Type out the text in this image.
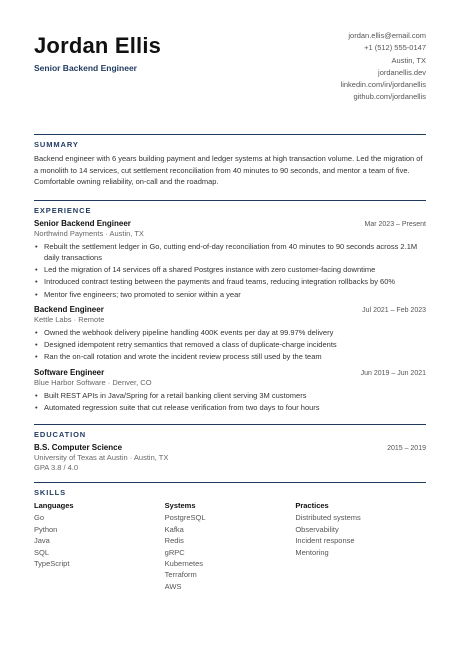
Jordan Ellis
Senior Backend Engineer
jordan.ellis@email.com
+1 (512) 555-0147
Austin, TX
jordanellis.dev
linkedin.com/in/jordanellis
github.com/jordanellis
SUMMARY
Backend engineer with 6 years building payment and ledger systems at high transaction volume. Led the migration of a monolith to 14 services, cut settlement reconciliation from 40 minutes to 90 seconds, and mentor a team of five. Comfortable owning reliability, on-call and the roadmap.
EXPERIENCE
Senior Backend Engineer	Mar 2023 – Present
Northwind Payments · Austin, TX
• Rebuilt the settlement ledger in Go, cutting end-of-day reconciliation from 40 minutes to 90 seconds across 2.1M daily transactions
• Led the migration of 14 services off a shared Postgres instance with zero customer-facing downtime
• Introduced contract testing between the payments and fraud teams, reducing integration rollbacks by 60%
• Mentor five engineers; two promoted to senior within a year
Backend Engineer	Jul 2021 – Feb 2023
Kettle Labs · Remote
• Owned the webhook delivery pipeline handling 400K events per day at 99.97% delivery
• Designed idempotent retry semantics that removed a class of duplicate-charge incidents
• Ran the on-call rotation and wrote the incident review process still used by the team
Software Engineer	Jun 2019 – Jun 2021
Blue Harbor Software · Denver, CO
• Built REST APIs in Java/Spring for a retail banking client serving 3M customers
• Automated regression suite that cut release verification from two days to four hours
EDUCATION
B.S. Computer Science	2015 – 2019
University of Texas at Austin · Austin, TX
GPA 3.8 / 4.0
SKILLS
Languages
Go
Python
Java
SQL
TypeScript
Systems
PostgreSQL
Kafka
Redis
gRPC
Kubernetes
Terraform
AWS
Practices
Distributed systems
Observability
Incident response
Mentoring
